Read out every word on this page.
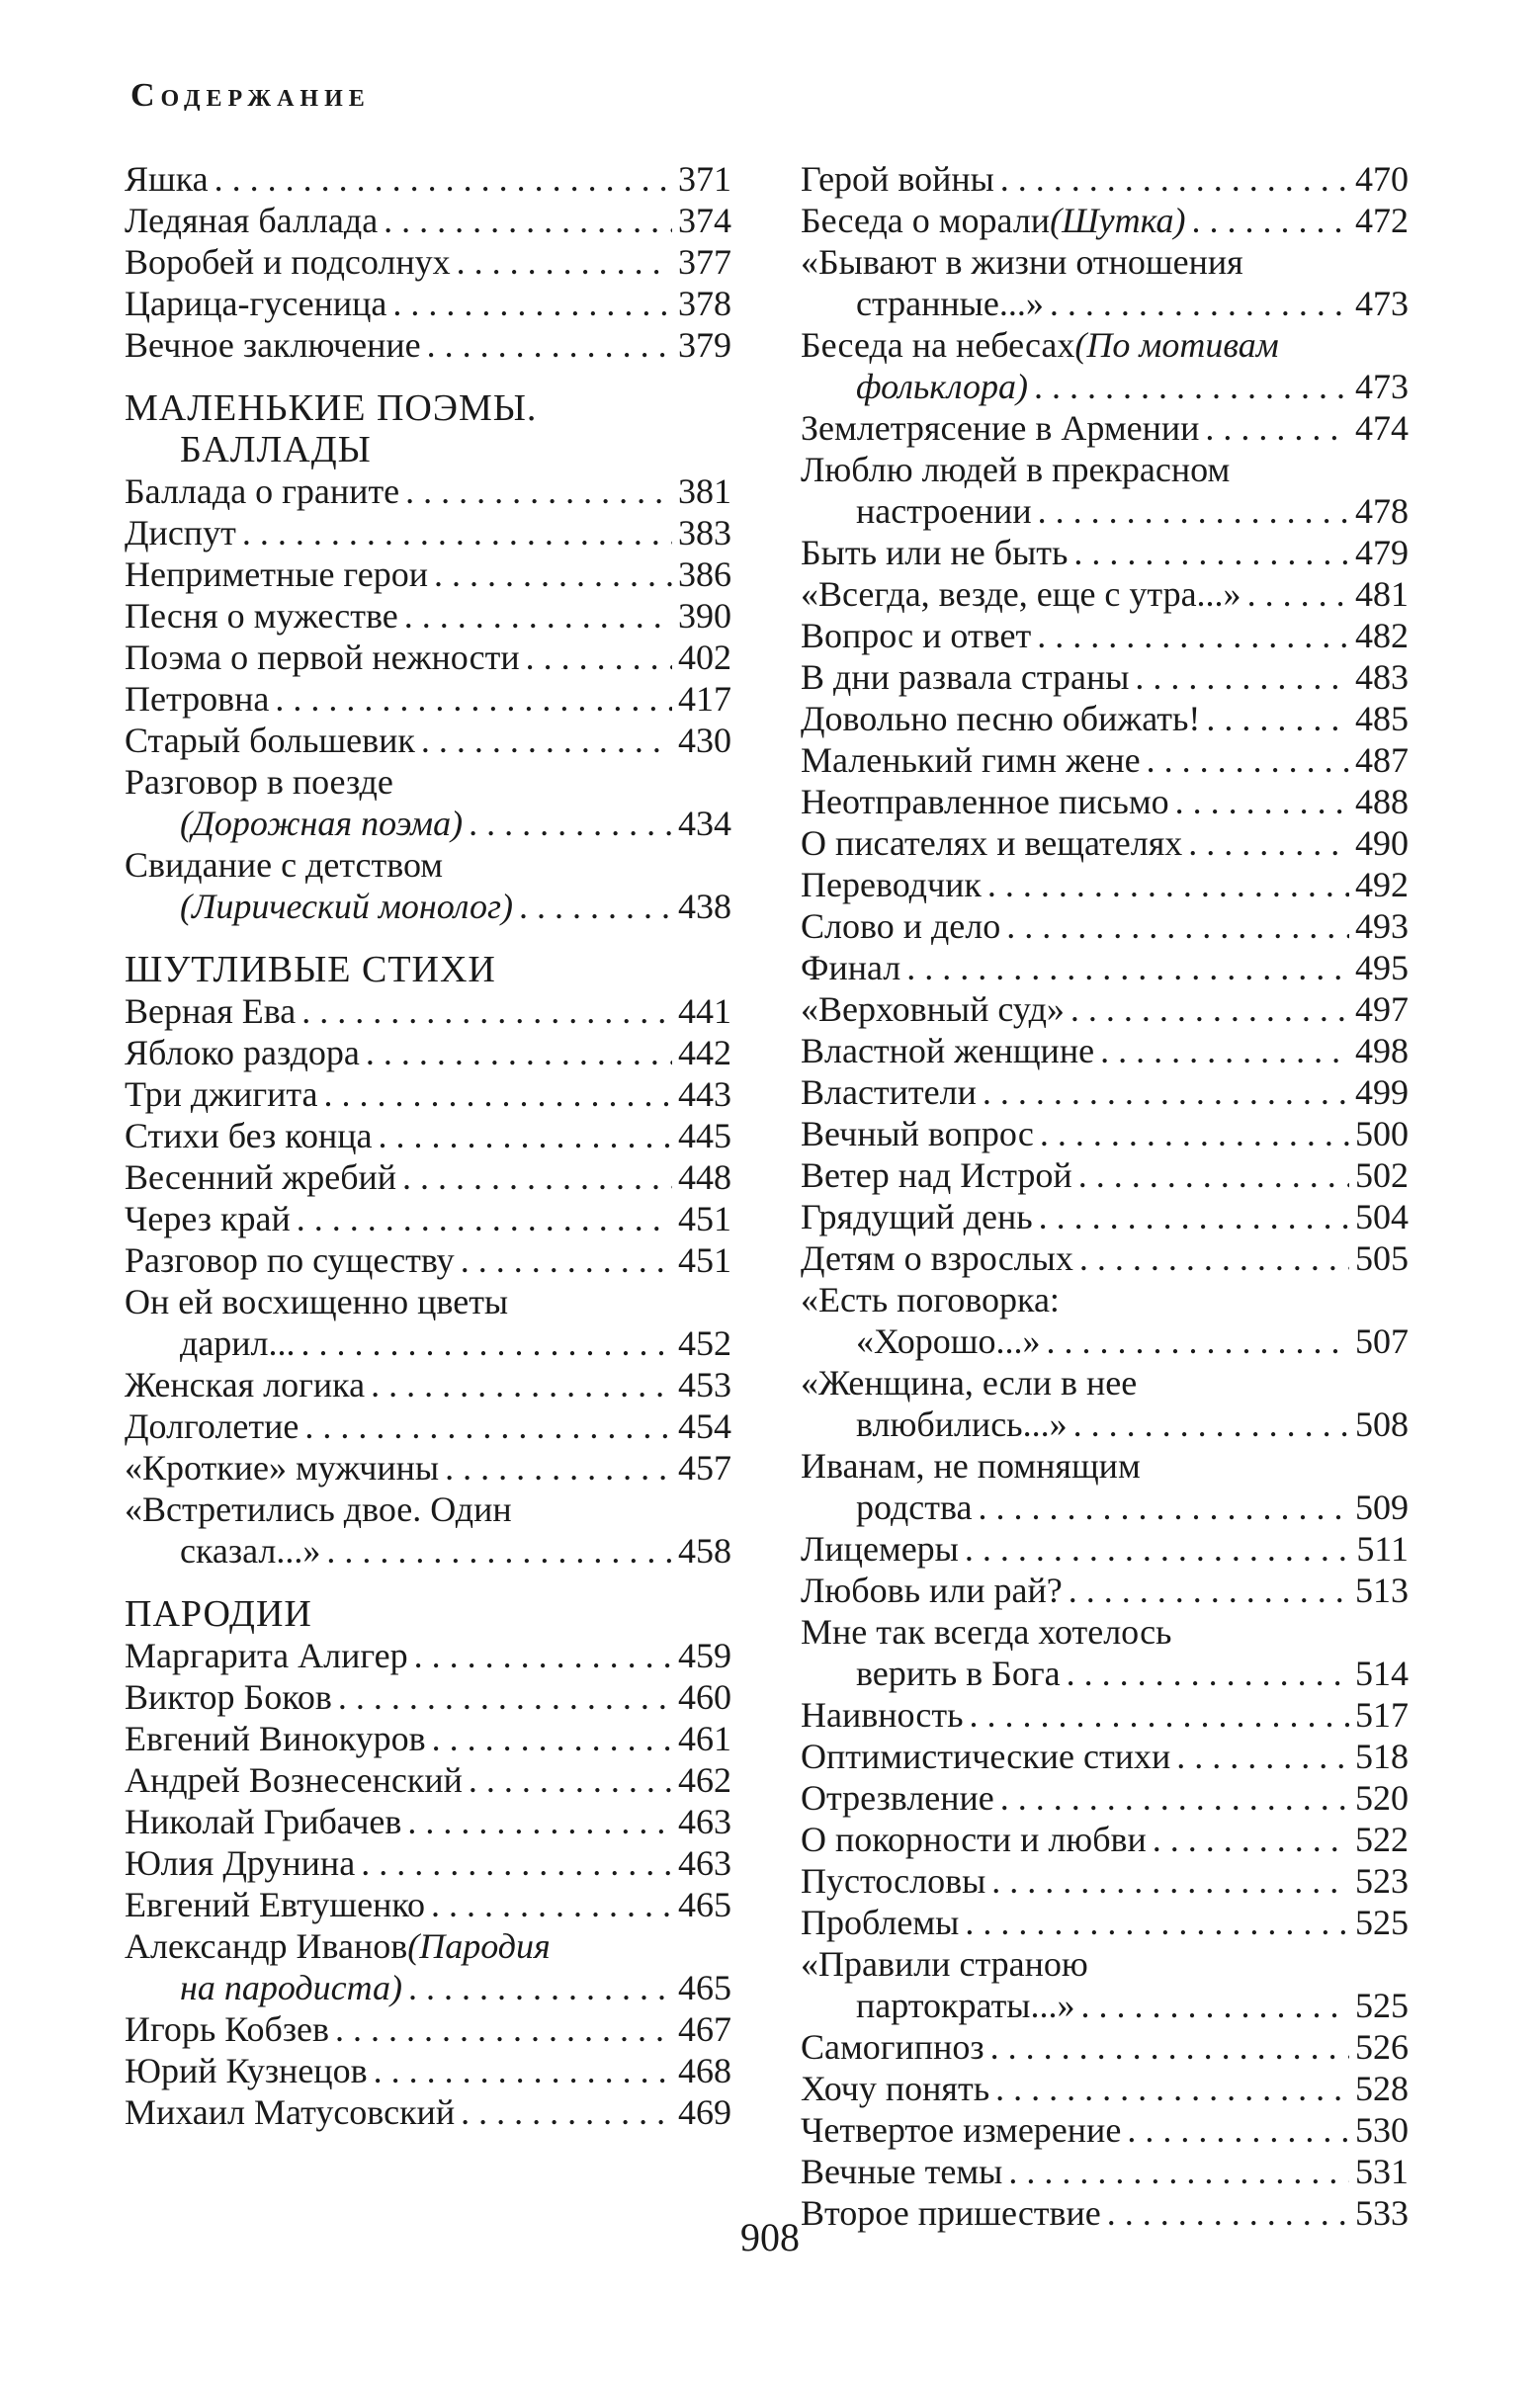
Содержание
Яшка . . .	371
Ледяная баллада . . .	374
Воробей и подсолнух . . .	377
Царица-гусеница . . .	378
Вечное заключение . . .	379
МАЛЕНЬКИЕ ПОЭМЫ.
БАЛЛАДЫ
Баллада о граните . . .	381
Диспут . . .	383
Неприметные герои . . .	386
Песня о мужестве . . .	390
Поэма о первой нежности . . .	402
Петровна . . .	417
Старый большевик . . .	430
Разговор в поезде
(Дорожная поэма) . . .	434
Свидание с детством
(Лирический монолог) . . .	438
ШУТЛИВЫЕ СТИХИ
Верная Ева . . .	441
Яблоко раздора . . .	442
Три джигита . . .	443
Стихи без конца . . .	445
Весенний жребий . . .	448
Через край . . .	451
Разговор по существу . . .	451
Он ей восхищенно цветы
дарил... . . .	452
Женская логика . . .	453
Долголетие . . .	454
«Кроткие» мужчины . . .	457
«Встретились двое. Один
сказал...» . . .	458
ПАРОДИИ
Маргарита Алигер . . .	459
Виктор Боков . . .	460
Евгений Винокуров . . .	461
Андрей Вознесенский . . .	462
Николай Грибачев . . .	463
Юлия Друнина . . .	463
Евгений Евтушенко . . .	465
Александр Иванов (Пародия
на пародиста) . . .	465
Игорь Кобзев . . .	467
Юрий Кузнецов . . .	468
Михаил Матусовский . . .	469
Герой войны . . .	470
Беседа о морали (Шутка) . . .	472
«Бывают в жизни отношения
странные...» . . .	473
Беседа на небесах (По мотивам
фольклора) . . .	473
Землетрясение в Армении . . .	474
Люблю людей в прекрасном
настроении . . .	478
Быть или не быть . . .	479
«Всегда, везде, еще с утра...» . . .	481
Вопрос и ответ . . .	482
В дни развала страны . . .	483
Довольно песню обижать! . . .	485
Маленький гимн жене . . .	487
Неотправленное письмо . . .	488
О писателях и вещателях . . .	490
Переводчик . . .	492
Слово и дело . . .	493
Финал . . .	495
«Верховный суд» . . .	497
Властной женщине . . .	498
Властители . . .	499
Вечный вопрос . . .	500
Ветер над Истрой . . .	502
Грядущий день . . .	504
Детям о взрослых . . .	505
«Есть поговорка:
«Хорошо...» . . .	507
«Женщина, если в нее
влюбились...» . . .	508
Иванам, не помнящим
родства . . .	509
Лицемеры . . .	511
Любовь или рай? . . .	513
Мне так всегда хотелось
верить в Бога . . .	514
Наивность . . .	517
Оптимистические стихи . . .	518
Отрезвление . . .	520
О покорности и любви . . .	522
Пустословы . . .	523
Проблемы . . .	525
«Правили страною
партократы...» . . .	525
Самогипноз . . .	526
Хочу понять . . .	528
Четвертое измерение . . .	530
Вечные темы . . .	531
Второе пришествие . . .	533
908
